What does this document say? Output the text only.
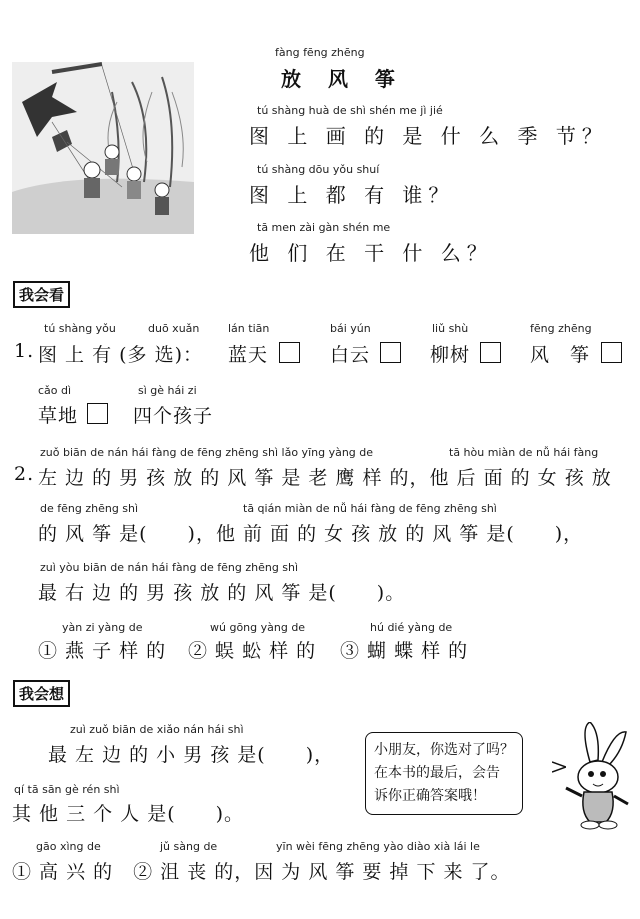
fàng fēng zhēng
放 风 筝
tú shàng huà de shì shén me jì jié
图 上 画 的 是 什 么 季 节？
tú shàng dōu yǒu shuí
图 上 都 有 谁？
tā men zài gàn shén me
他 们 在 干 什 么？
我会看
tú shàng yǒu	duō xuǎn	lán tiān	bái yún	liǔ shù	fēng zhēng
1. 图 上 有 (多 选)： 蓝天	白云	柳树	风　筝
cǎo dì	sì gè hái zi
草地	四个孩子
zuǒ biān de nán hái fàng de fēng zhēng shì lǎo yīng yàng de	tā hòu miàn de nǚ hái fàng
2. 左 边 的 男 孩 放 的 风 筝 是 老 鹰 样 的，他 后 面 的 女 孩 放
de fēng zhēng shì	tā qián miàn de nǚ hái fàng de fēng zhēng shì
的 风 筝 是(　　)，他 前 面 的 女 孩 放 的 风 筝 是(　　)，
zuì yòu biān de nán hái fàng de fēng zhēng shì
最 右 边 的 男 孩 放 的 风 筝 是(　　)。
yàn zi yàng de	wú gōng yàng de	hú dié yàng de
① 燕 子 样 的 ② 蜈 蚣 样 的 ③ 蝴 蝶 样 的
我会想
zuì zuǒ biān de xiǎo nán hái shì
最 左 边 的 小 男 孩 是(　　)，
qí tā sān gè rén shì
其 他 三 个 人 是(　　)。
gāo xìng de	jǔ sàng de	yīn wèi fēng zhēng yào diào xià lái le
① 高 兴 的　② 沮 丧 的，因 为 风 筝 要 掉 下 来 了。
小朋友，你选对了吗？
在本书的最后，会告
诉你正确答案哦！
